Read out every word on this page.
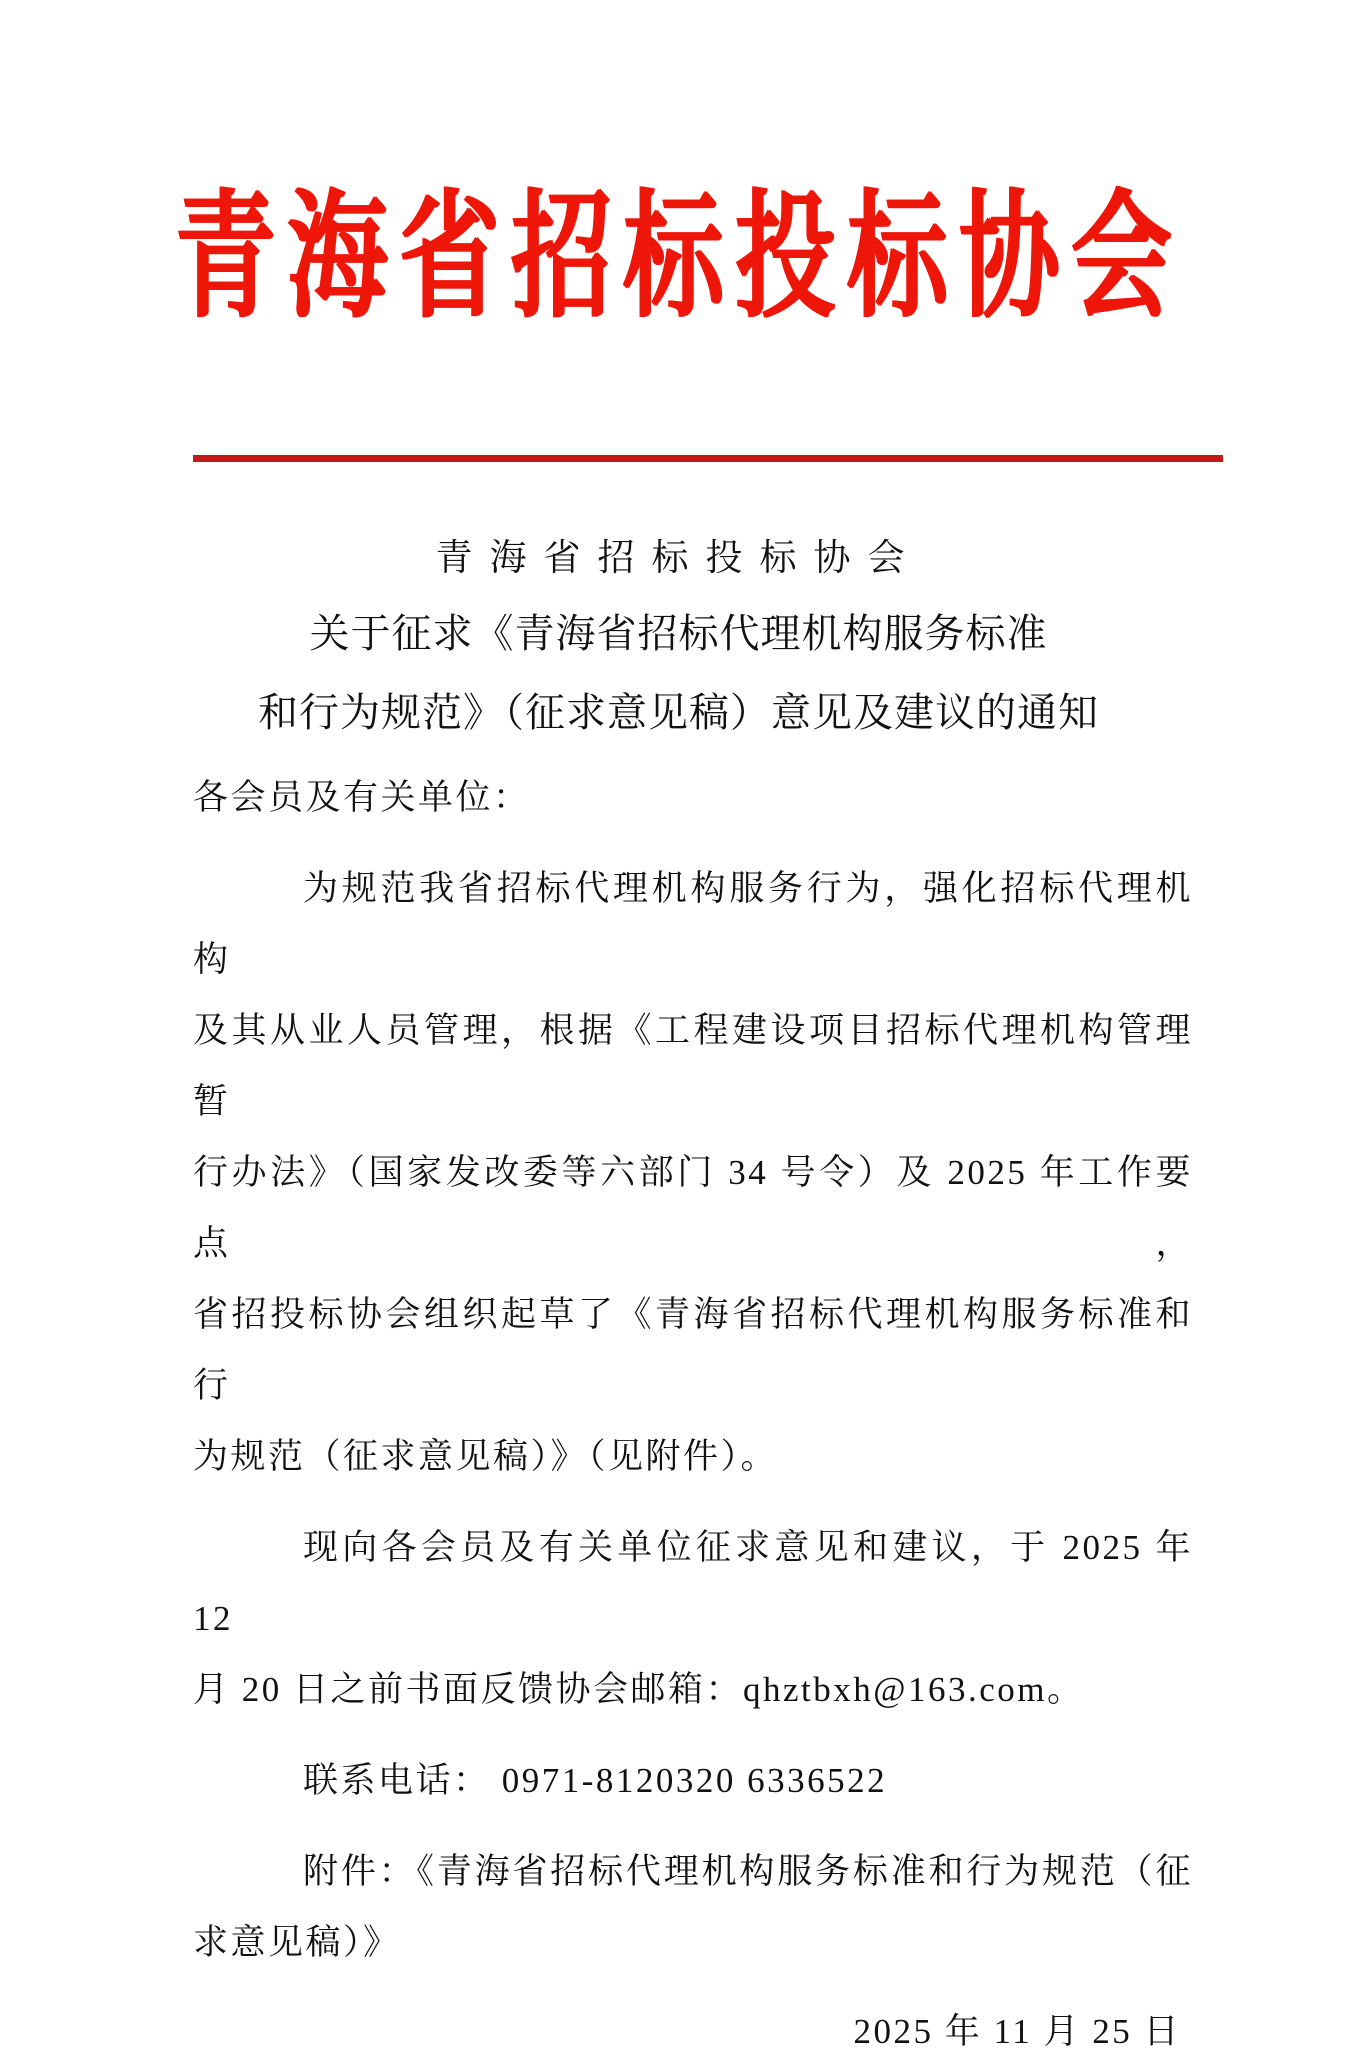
青海省招标投标协会
青海省招标投标协会
关于征求《青海省招标代理机构服务标准
和行为规范》（征求意见稿）意见及建议的通知
各会员及有关单位：
为规范我省招标代理机构服务行为，强化招标代理机构
及其从业人员管理，根据《工程建设项目招标代理机构管理暂
行办法》（国家发改委等六部门 34 号令）及 2025 年工作要点，
省招投标协会组织起草了《青海省招标代理机构服务标准和行
为规范（征求意见稿）》（见附件）。
现向各会员及有关单位征求意见和建议，于 2025 年 12
月 20 日之前书面反馈协会邮箱：qhztbxh@163.com。
联系电话： 0971-8120320 6336522
附件：《青海省招标代理机构服务标准和行为规范（征
求意见稿）》
2025 年 11 月 25 日
